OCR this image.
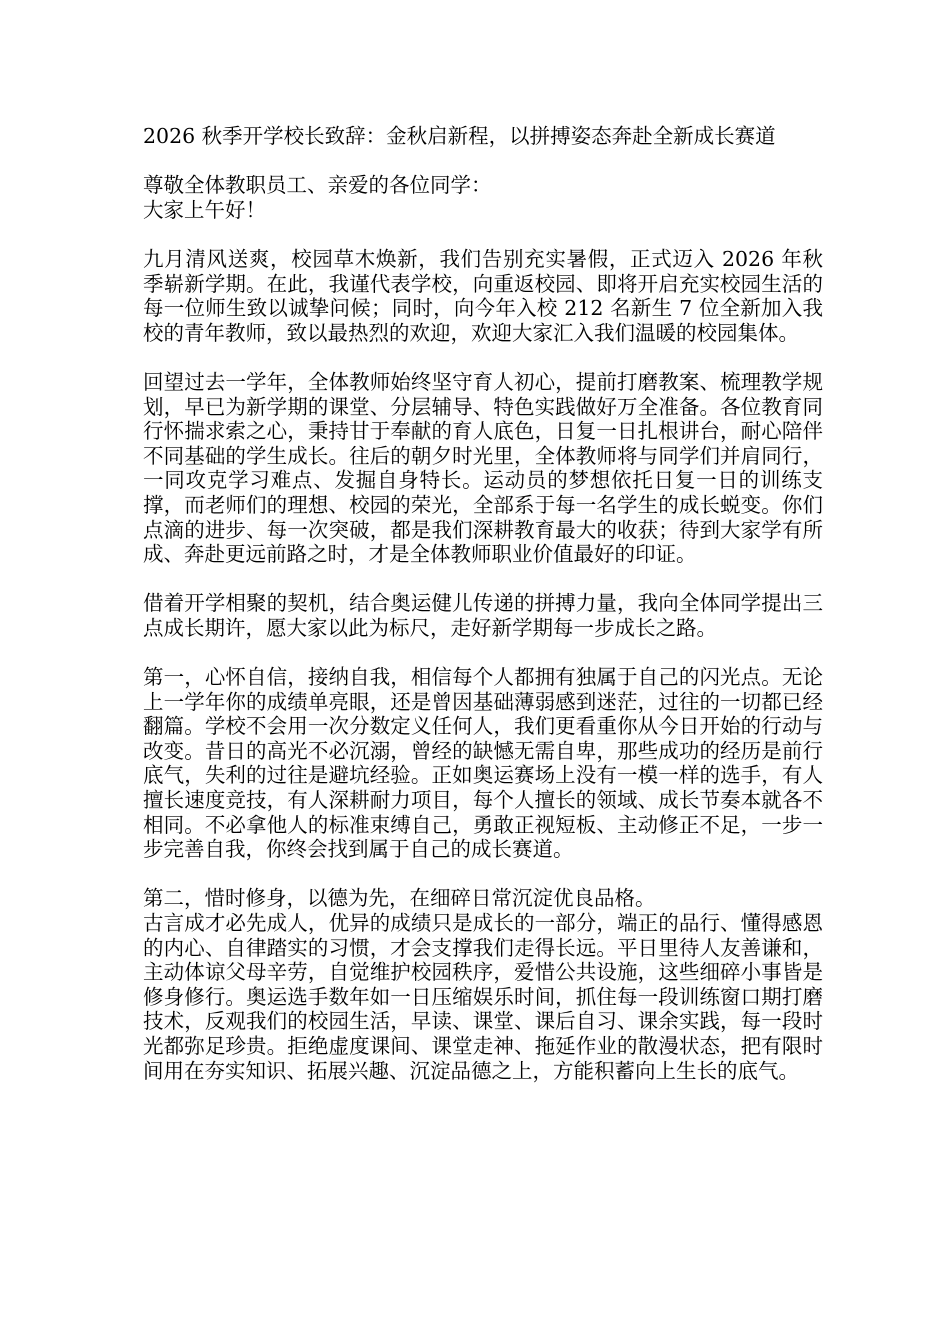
2026 秋季开学校长致辞：金秋启新程，以拼搏姿态奔赴全新成长赛道

尊敬全体教职员工、亲爱的各位同学：

大家上午好！

九月清风送爽，校园草木焕新，我们告别充实暑假，正式迈入 2026 年秋季崭新学期。在此，我谨代表学校，向重返校园、即将开启充实校园生活的每一位师生致以诚挚问候；同时，向今年入校 212 名新生 7 位全新加入我校的青年教师，致以最热烈的欢迎，欢迎大家汇入我们温暖的校园集体。

回望过去一学年，全体教师始终坚守育人初心，提前打磨教案、梳理教学规划，早已为新学期的课堂、分层辅导、特色实践做好万全准备。各位教育同行怀揣求索之心，秉持甘于奉献的育人底色，日复一日扎根讲台，耐心陪伴不同基础的学生成长。往后的朝夕时光里，全体教师将与同学们并肩同行，一同攻克学习难点、发掘自身特长。运动员的梦想依托日复一日的训练支撑，而老师们的理想、校园的荣光，全部系于每一名学生的成长蜕变。你们点滴的进步、每一次突破，都是我们深耕教育最大的收获；待到大家学有所成、奔赴更远前路之时，才是全体教师职业价值最好的印证。

借着开学相聚的契机，结合奥运健儿传递的拼搏力量，我向全体同学提出三点成长期许，愿大家以此为标尺，走好新学期每一步成长之路。

第一，心怀自信，接纳自我，相信每个人都拥有独属于自己的闪光点。无论上一学年你的成绩单亮眼，还是曾因基础薄弱感到迷茫，过往的一切都已经翻篇。学校不会用一次分数定义任何人，我们更看重你从今日开始的行动与改变。昔日的高光不必沉溺，曾经的缺憾无需自卑，那些成功的经历是前行底气，失利的过往是避坑经验。正如奥运赛场上没有一模一样的选手，有人擅长速度竞技，有人深耕耐力项目，每个人擅长的领域、成长节奏本就各不相同。不必拿他人的标准束缚自己，勇敢正视短板、主动修正不足，一步一步完善自我，你终会找到属于自己的成长赛道。

第二，惜时修身，以德为先，在细碎日常沉淀优良品格。

古言成才必先成人，优异的成绩只是成长的一部分，端正的品行、懂得感恩的内心、自律踏实的习惯，才会支撑我们走得长远。平日里待人友善谦和，主动体谅父母辛劳，自觉维护校园秩序，爱惜公共设施，这些细碎小事皆是修身修行。奥运选手数年如一日压缩娱乐时间，抓住每一段训练窗口期打磨技术，反观我们的校园生活，早读、课堂、课后自习、课余实践，每一段时光都弥足珍贵。拒绝虚度课间、课堂走神、拖延作业的散漫状态，把有限时间用在夯实知识、拓展兴趣、沉淀品德之上，方能积蓄向上生长的底气。
